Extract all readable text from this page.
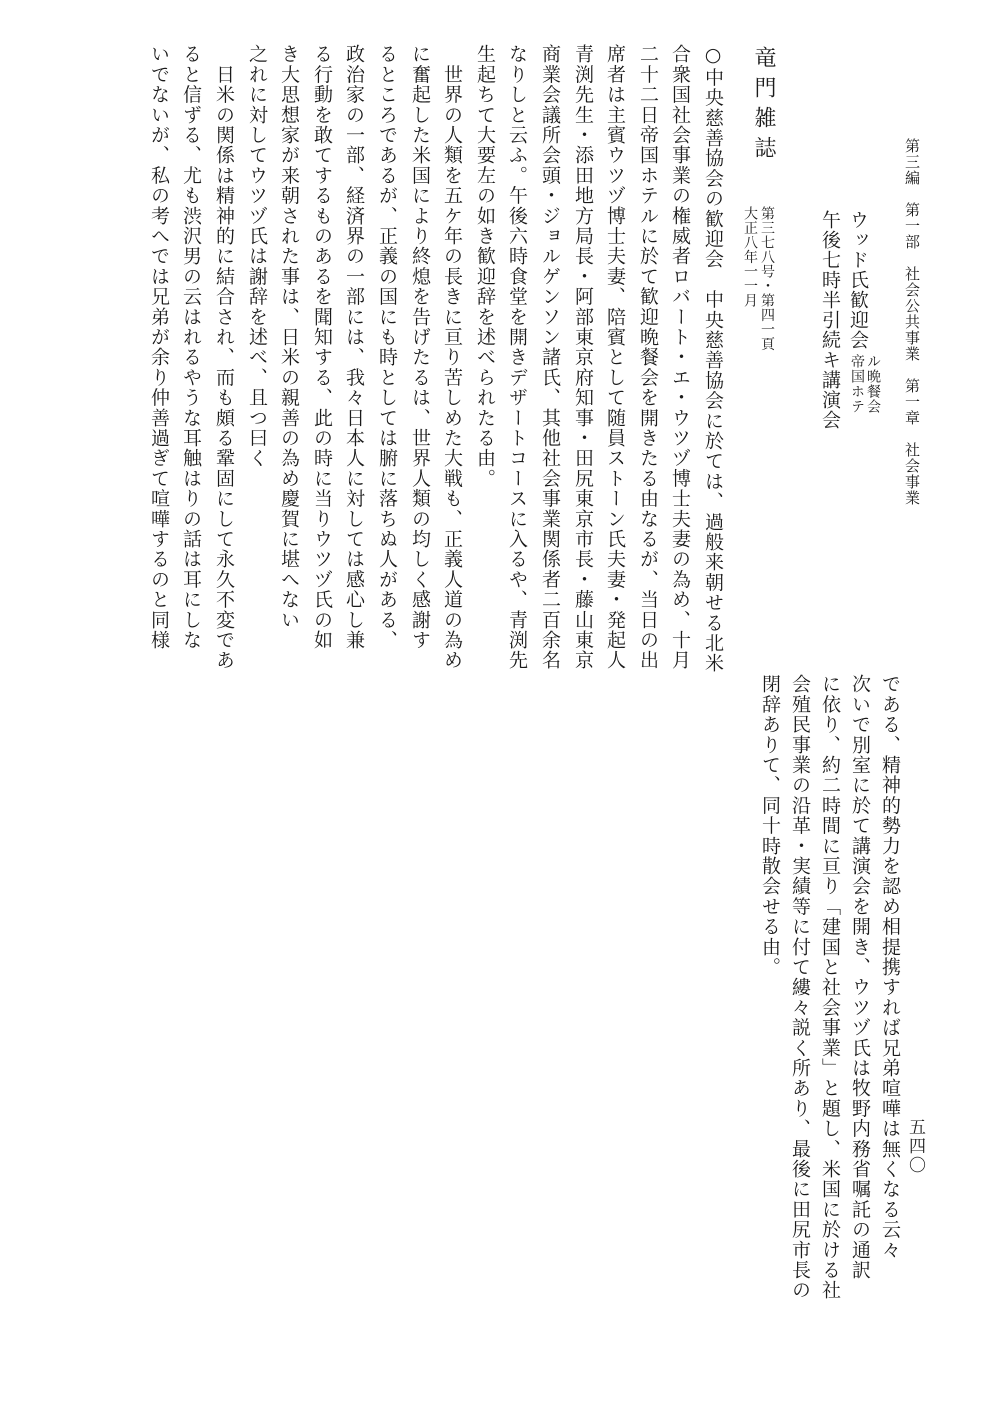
第三編　第一部　社会公共事業　第一章　社会事業
五四〇
ウッド氏歓迎会
帝国ホテ ル晩餐会
午後七時半引続キ講演会
である、精神的勢力を認め相提携すれば兄弟喧嘩は無くなる云々
次いで別室に於て講演会を開き、ウツヅ氏は牧野内務省嘱託の通訳
に依り、約二時間に亘り「建国と社会事業」と題し、米国に於ける社
会殖民事業の沿革・実績等に付て縷々説く所あり、最後に田尻市長の
閉辞ありて、同十時散会せる由。
竜門雑誌
第三七八号・第四一頁
大正八年一一月
○中央慈善協会の歓迎会　中央慈善協会に於ては、過般来朝せる北米
合衆国社会事業の権威者ロバート・エ・ウツヅ博士夫妻の為め、十月
二十二日帝国ホテルに於て歓迎晩餐会を開きたる由なるが、当日の出
席者は主賓ウツヅ博士夫妻、陪賓として随員ストーン氏夫妻・発起人
青渕先生・添田地方局長・阿部東京府知事・田尻東京市長・藤山東京
商業会議所会頭・ジョルゲンソン諸氏、其他社会事業関係者二百余名
なりしと云ふ。午後六時食堂を開きデザートコースに入るや、青渕先
生起ちて大要左の如き歓迎辞を述べられたる由。
　世界の人類を五ケ年の長きに亘り苦しめた大戦も、正義人道の為め
に奮起した米国により終熄を告げたるは、世界人類の均しく感謝す
るところであるが、正義の国にも時としては腑に落ちぬ人がある、
政治家の一部、経済界の一部には、我々日本人に対しては感心し兼
る行動を敢てするものあるを聞知する、此の時に当りウツヅ氏の如
き大思想家が来朝された事は、日米の親善の為め慶賀に堪へない
之れに対してウツヅ氏は謝辞を述べ、且つ曰く
　日米の関係は精神的に結合され、而も頗る鞏固にして永久不変であ
ると信ずる、尤も渋沢男の云はれるやうな耳触はりの話は耳にしな
いでないが、私の考へでは兄弟が余り仲善過ぎて喧嘩するのと同様
